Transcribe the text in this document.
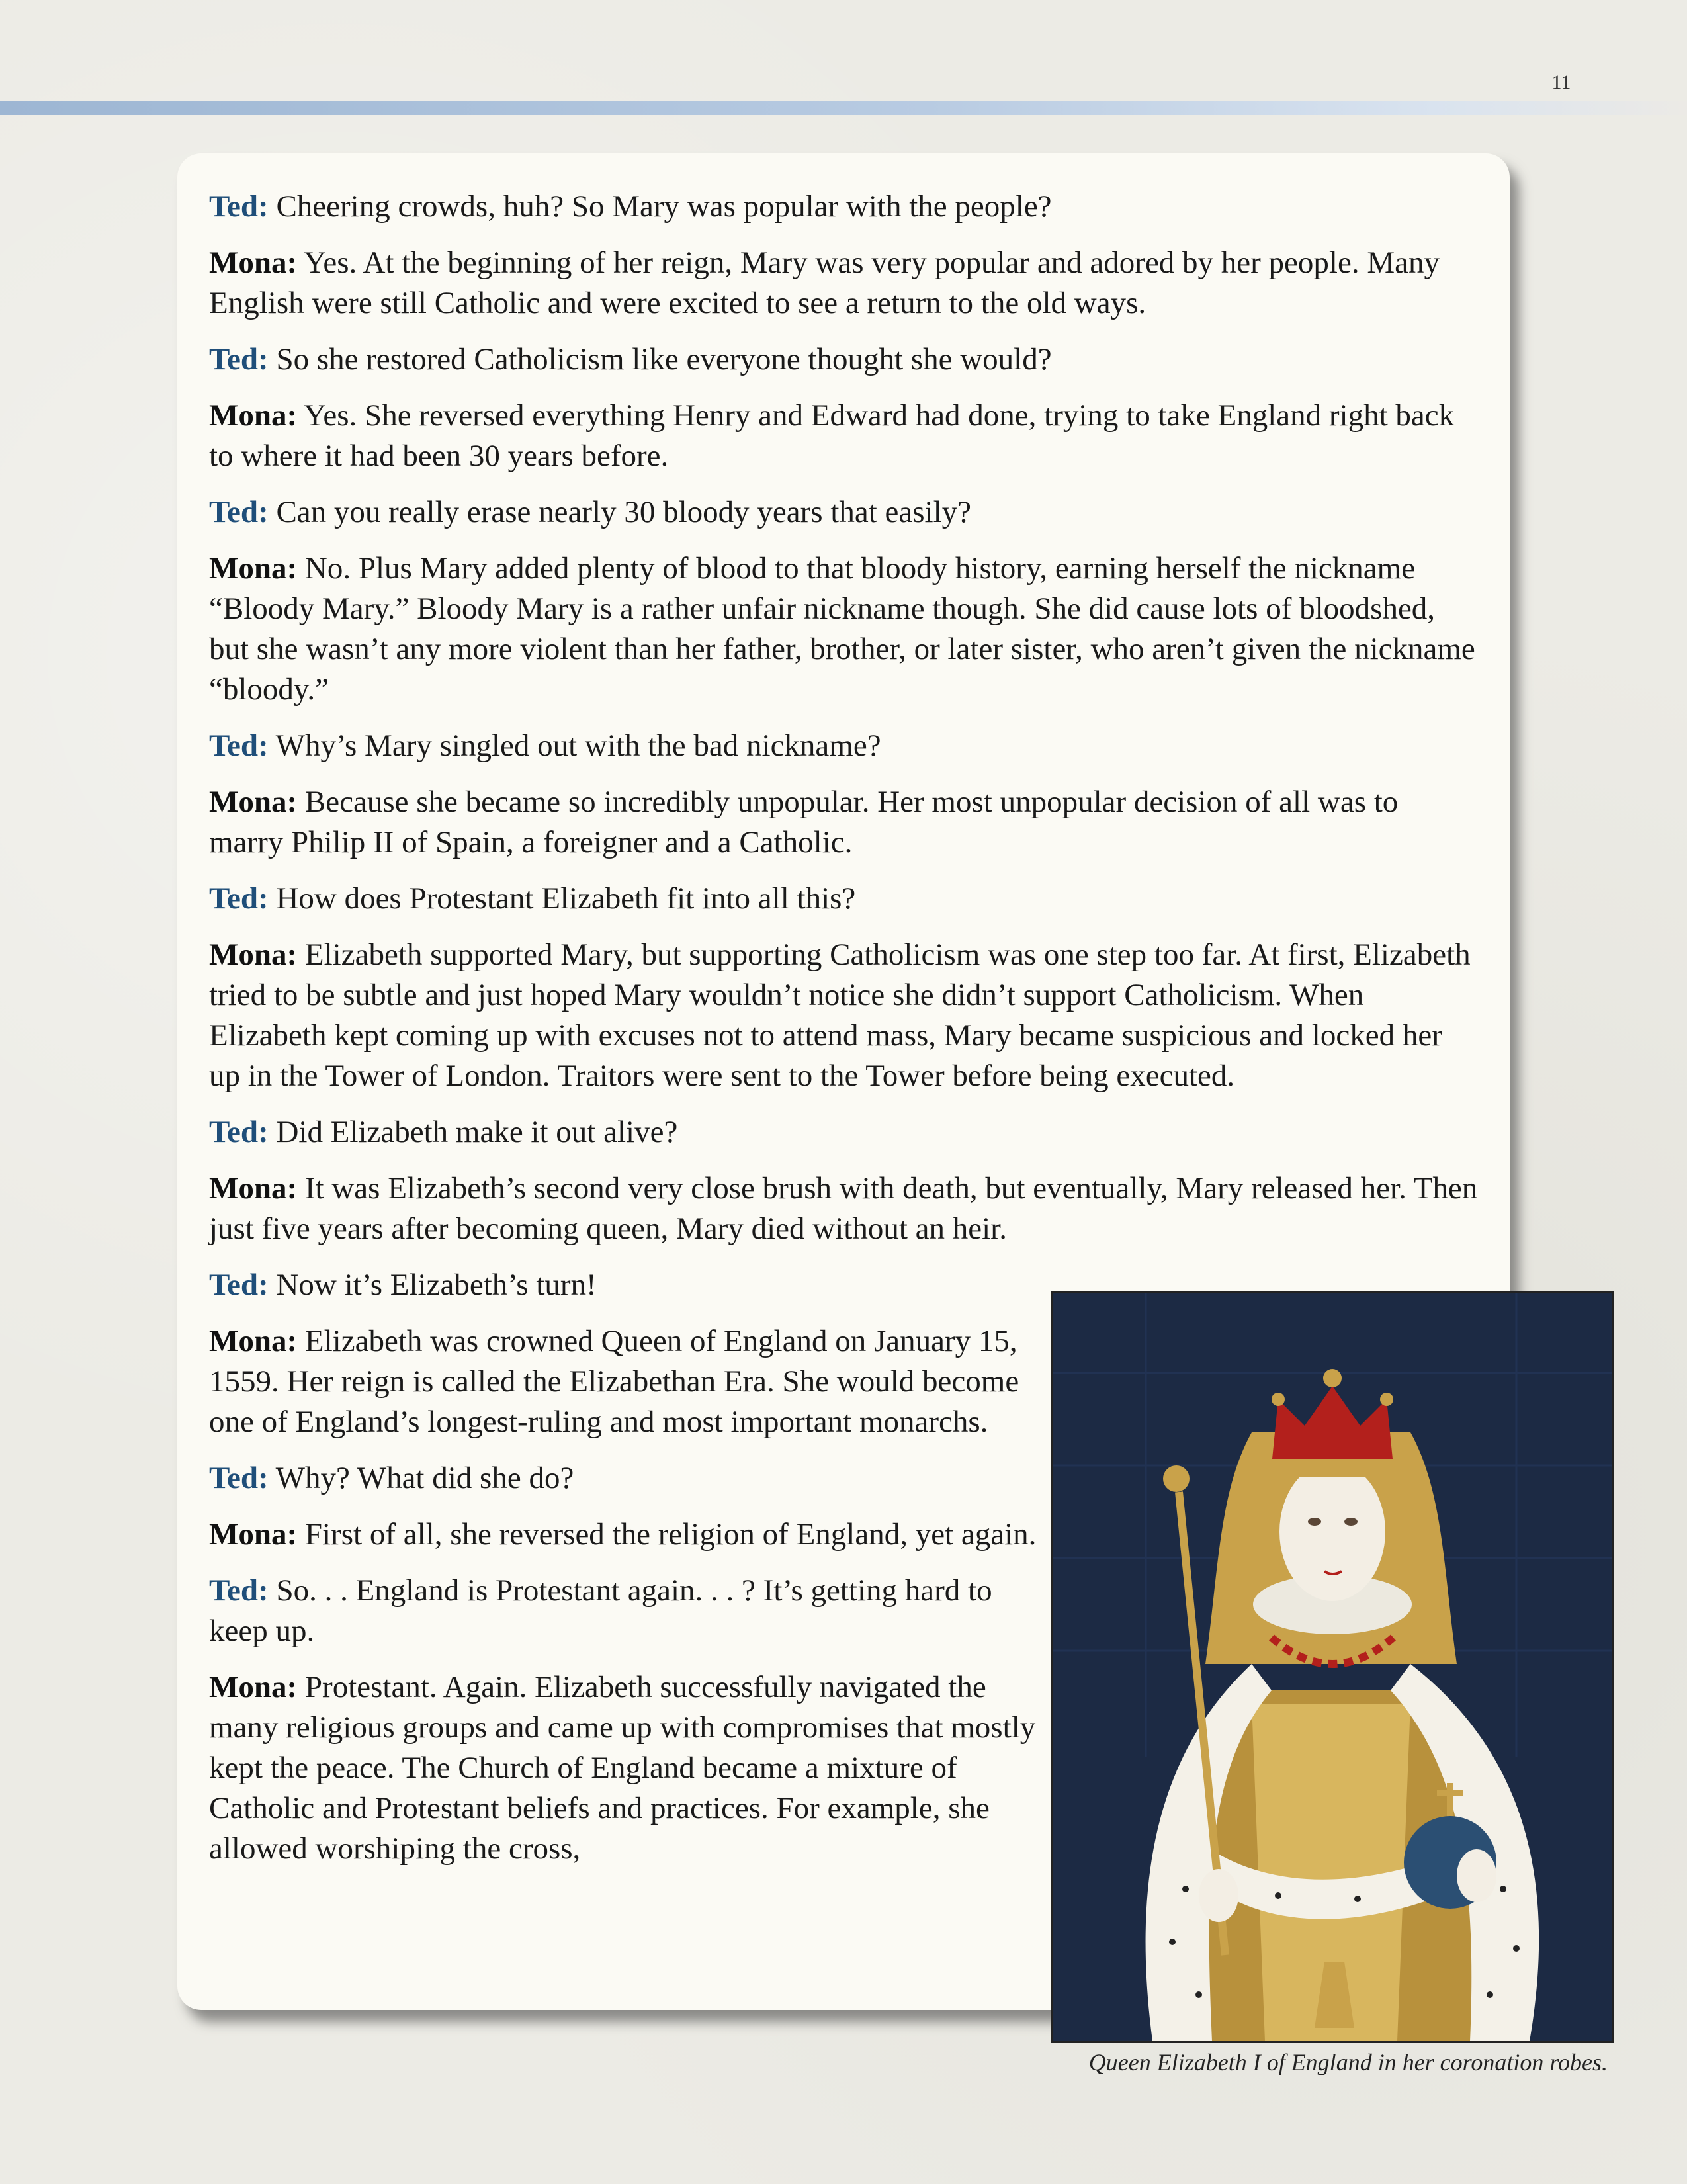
11

Ted: Cheering crowds, huh? So Mary was popular with the people?

Mona: Yes. At the beginning of her reign, Mary was very popular and adored by her people. Many English were still Catholic and were excited to see a return to the old ways.

Ted: So she restored Catholicism like everyone thought she would?

Mona: Yes. She reversed everything Henry and Edward had done, trying to take England right back to where it had been 30 years before.

Ted: Can you really erase nearly 30 bloody years that easily?

Mona: No. Plus Mary added plenty of blood to that bloody history, earning herself the nickname “Bloody Mary.” Bloody Mary is a rather unfair nickname though. She did cause lots of bloodshed, but she wasn’t any more violent than her father, brother, or later sister, who aren’t given the nickname “bloody.”

Ted: Why’s Mary singled out with the bad nickname?

Mona: Because she became so incredibly unpopular. Her most unpopular decision of all was to marry Philip II of Spain, a foreigner and a Catholic.

Ted: How does Protestant Elizabeth fit into all this?

Mona: Elizabeth supported Mary, but supporting Catholicism was one step too far. At first, Elizabeth tried to be subtle and just hoped Mary wouldn’t notice she didn’t support Catholicism. When Elizabeth kept coming up with excuses not to attend mass, Mary became suspicious and locked her up in the Tower of London. Traitors were sent to the Tower before being executed.

Ted: Did Elizabeth make it out alive?

Mona: It was Elizabeth’s second very close brush with death, but eventually, Mary released her. Then just five years after becoming queen, Mary died without an heir.

Ted: Now it’s Elizabeth’s turn!

Mona: Elizabeth was crowned Queen of England on January 15, 1559. Her reign is called the Elizabethan Era. She would become one of England’s longest-ruling and most important monarchs.

Ted: Why? What did she do?

Mona: First of all, she reversed the religion of England, yet again.

Ted: So. . . England is Protestant again. . . ? It’s getting hard to keep up.

Mona: Protestant. Again. Elizabeth successfully navigated the many religious groups and came up with compromises that mostly kept the peace. The Church of England became a mixture of Catholic and Protestant beliefs and practices. For example, she allowed worshiping the cross,

Queen Elizabeth I of England in her coronation robes.
